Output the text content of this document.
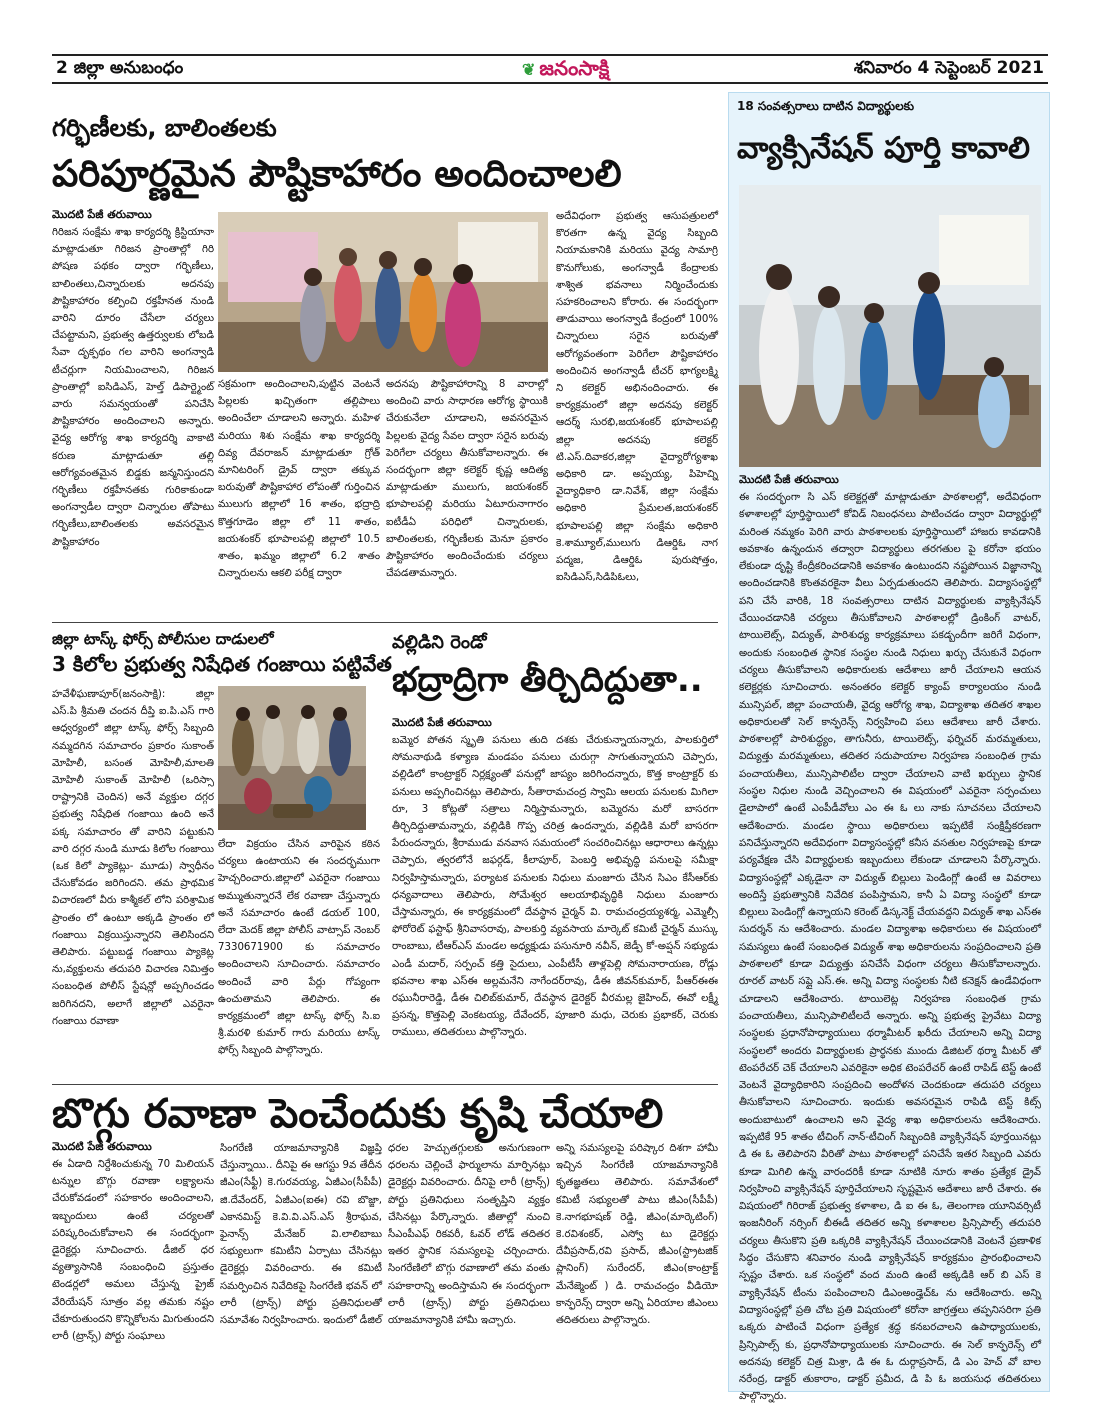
2 జిల్లా అనుబంధం	❦ జనంసాక్షి	శనివారం 4 సెప్టెంబర్ 2021
గర్భిణీలకు, బాలింతలకు
పరిపూర్ణమైన పౌష్టికాహారం అందించాలలి
మొదటి పేజీ తరువాయి
గిరిజన సంక్షేమ శాఖ కార్యదర్శి క్రిస్టియానా మాట్లాడుతూ గిరిజన ప్రాంతాల్లో గిరి పోషణ పథకం ద్వారా గర్భిణీలు, బాలింతలు,చిన్నారులకు అదనపు పౌష్టికాహారం కల్పించి రక్తహీనత నుండి వారిని దూరం చేసేలా చర్యలు చేపట్టామని, ప్రభుత్వ ఉత్తర్వులకు లోబడి సేవా దృక్పథం గల వారిని అంగన్వాడి టీచర్లుగా నియమించాలని, గిరిజన ప్రాంతాల్లో ఐసిడిఎస్, హెల్త్ డిపార్ట్మెంట్ వారు సమన్వయంతో పనిచేసి పౌష్టికాహారం అందించాలని అన్నారు. వైద్య ఆరోగ్య శాఖ కార్యదర్శి వాకాటి కరుణ మాట్లాడుతూ తల్లి ఆరోగ్యవంతమైన బిడ్డకు జన్మనిస్తుందని గర్భిణీలు రక్తహీనతకు గురికాకుండా అంగన్వాడీల ద్వారా చిన్నారుల తోపాటు గర్భిణీలు,బాలింతలకు అవసరమైన పౌష్టికాహారం
సక్రమంగా అందించాలని,పుట్టిన వెంటనే పిల్లలకు ఖచ్చితంగా తల్లిపాలు అందించేలా చూడాలని అన్నారు. మహిళ మరియు శిశు సంక్షేమ శాఖ కార్యదర్శి దివ్య దేవరాజన్ మాట్లాడుతూ గ్రోత్ మానిటరింగ్ డ్రైవ్ ద్వారా తక్కువ బరువుతో పౌష్టికాహార లోపంతో గుర్తించిన ములుగు జిల్లాలో 16 శాతం, భద్రాద్రి కొత్తగూడెం జిల్లా లో 11 శాతం, జయశంకర్ భూపాలపల్లి జిల్లాలో 10.5 శాతం, ఖమ్మం జిల్లాలో 6.2 శాతం చిన్నారులను ఆకలి పరీక్ష ద్వారా
అదనపు పౌష్టికాహారాన్ని 8 వారాల్లో అందించి వారు సాధారణ ఆరోగ్య స్థాయికి చేరుకునేలా చూడాలని, అవసరమైన పిల్లలకు వైద్య సేవల ద్వారా సరైన బరువు పెరిగేలా చర్యలు తీసుకోవాలన్నారు. ఈ సందర్భంగా జిల్లా కలెక్టర్ కృష్ణ ఆదిత్య మాట్లాడుతూ ములుగు, జయశంకర్ భూపాలపల్లి మరియు ఏటూరునాగారం ఐటీడీఏ పరిధిలో చిన్నారులకు, బాలింతలకు, గర్భిణీలకు మెనూ ప్రకారం పౌష్టికాహారం అందించేందుకు చర్యలు చేపడతామన్నారు.
అదేవిధంగా ప్రభుత్వ ఆసుపత్రులలో కొరతగా ఉన్న వైద్య సిబ్బంది నియామకానికి మరియు వైద్య సామాగ్రి కొనుగోలుకు, అంగన్వాడీ కేంద్రాలకు శాశ్విత భవనాలు నిర్మించేందుకు సహకరించాలని కోరారు. ఈ సందర్భంగా తాడువాయి అంగన్వాడి కేంద్రంలో 100% చిన్నారులు సరైన బరువుతో ఆరోగ్యవంతంగా పెరిగేలా పౌష్టికాహారం అందించిన అంగన్వాడీ టీచర్ భాగ్యలక్ష్మి ని కలెక్టర్ అభినందించారు. ఈ కార్యక్రమంలో జిల్లా అదనపు కలెక్టర్ ఆదర్శ్ సురభి,జయశంకర్ భూపాలపల్లి జిల్లా అదనపు కలెక్టర్ టి.ఎస్.దివాకర,జిల్లా వైద్యారోగ్యశాఖ అధికారి డా. అప్పయ్య, పిహెచ్ని వైద్యాధికారి డా.నివేశ్, జిల్లా సంక్షేమ అధికారి ప్రేమలత,జయశంకర్ భూపాలపల్లి జిల్లా సంక్షేమ అధికారి కె.శామ్యూల్,ములుగు డిఆర్డిఓ నాగ పద్మజ, డిఆర్డిఓ పురుషోత్తం, ఐసిడిఎస్,సిడిపిఓలు,
జిల్లా టాస్క్ ఫోర్స్ పోలీసుల దాడులలో
3 కిలోల ప్రభుత్వ నిషేధిత గంజాయి పట్టివేత
హవేళీఘణాపూర్(జనంసాక్షి): జిల్లా ఎస్.పి శ్రీమతి చందన దీప్తి ఐ.పి.ఎస్ గారి ఆధ్వర్యంలో జిల్లా టాస్క్ ఫోర్స్ సిబ్బంది నమ్మదగిన సమాచారం ప్రకారం సుకాంత్ మోహిలీ, బసంత మోహిలీ,మాలతి మోహిలీ సుకాంత్ మోహిలీ (ఒరిస్సా రాష్ట్రానికి చెందిన) అనే వ్యక్తుల దగ్గర ప్రభుత్వ నిషేధిత గంజాయి ఉంది అనే పక్క సమాచారం తో వారిని పట్టుకుని వారి దగ్గర నుండి మూడు కిలోల గంజాయి (ఒక కిలో ప్యాకెట్లు- మూడు) స్వాధీనం చేసుకోవడం జరిగిందని. తమ ప్రాథమిక విచారణలో వీరు కాశ్మీకల్ లోని పరిశ్రామిక ప్రాంతం లో ఉంటూ అక్కడి ప్రాంతం లో గంజాయి విక్రయిస్తున్నారని తెలిసిందని తెలిపారు. పట్టుబడ్డ గంజాయి ప్యాకెట్ల ను,వ్యక్తులను తదుపరి విచారణ నిమిత్తం సంబంధిత పోలీస్ స్టేషన్లో అప్పగించడం జరిగినదని, అలాగే జిల్లాలో ఎవరైనా గంజాయి రవాణా
లేదా విక్రయం చేసిన వారిపైన కఠిన చర్యలు ఉంటాయని ఈ సందర్భముగా హెచ్చరించారు.జిల్లాలో ఎవరైనా గంజాయి అమ్ముతున్నారనే లేక రవాణా చేస్తున్నారు అనే సమాచారం ఉంటే డయల్ 100, లేదా మెదక్ జిల్లా పోలీస్ వాట్సాప్ నెంబర్ 7330671900 కు సమాచారం అందించాలని సూచించారు. సమాచారం అందించే వారి పేర్లు గోప్యంగా ఉంచుతామని తెలిపారు. ఈ కార్యక్రమంలో జిల్లా టాస్క్ ఫోర్స్ సి.ఐ శ్రీ.మరళి కుమార్ గారు మరియు టాస్క్ ఫోర్స్ సిబ్బంది పాల్గొన్నారు.
వల్లిడిని రెండో
భద్రాద్రిగా తీర్చిదిద్దుతా..
మొదటి పేజీ తరువాయి
బమ్మెర పోతన స్మృతి పనులు తుది దశకు చేరుకున్నాయన్నారు, పాలకుర్తిలో సోమనాథుడి కళ్యాణ మండపం పనులు చురుగ్గా సాగుతున్నాయని చెప్పారు, వల్లిడిలో కాంట్రాక్టర్ నిర్లక్ష్యంతో పనుల్లో జాప్యం జరిగిందన్నారు, కొత్త కాంట్రాక్టర్ కు పనులు అప్పగించినట్లు తెలిపారు, సీతారామచంద్ర స్వామి ఆలయ పనులకు మిగిలా రూ, 3 కోట్లతో సత్రాలు నిర్మిస్తామన్నారు, బమ్మెరను మరో బాసరగా తీర్చిదిద్దుతామన్నారు, వల్లిడికి గొప్ప చరిత్ర ఉందన్నారు, వల్లిడికి మరో బాసరగా పేరుందన్నారు, శ్రీరాముడు వనవాస సమయంలో సంచరించినట్లు ఆధారాలు ఉన్నట్లు చెప్పారు, త్వరలోనే జఫర్గడ్, కీలాపూర్, పెంబర్తి అభివృద్ధి పనులపై సమీక్షా నిర్వహిస్తామన్నారు, పర్యాటక పనులకు నిధులు మంజూరు చేసిన సిఎం కేసీఆర్‌కు ధన్యవాదాలు తెలిపారు, సోమేశ్వర ఆలయాభివృద్ధికి నిధులు మంజూరు చేస్తామన్నారు, ఈ కార్యక్రమంలో దేవస్థాన చైర్మన్ వి. రామచంద్రయ్యశర్మ, ఎమ్మెల్సీ ఫోరోరెట్ ఫస్టాఫ్ శ్రీనివాసరావు, పాలకుర్తి వ్యవసాయ మార్కెట్ కమిటీ చైర్మన్ ముస్కు రాంబాబు, టీఆర్ఎస్ మండల అధ్యక్షుడు పసునూరి నవీన్, జెడ్పీ కో-అప్షన్ సభ్యుడు ఎండీ మదార్, సర్పంచ్ కత్తి సైదులు, ఎంపీటీసీ తాళ్లపెల్లి సోమనారాయణ, రోడ్లు భవనాల శాఖ ఎస్ఈ అల్లమనేని నాగేందర్‌రావు, డీఈ జీవన్‌కుమార్, పీఆర్ఈఈ రఘునీరారెడ్డి, డీఈ చిలిబ్‌కుమార్, దేవస్థాన డైరెక్టర్ వీరమల్ల జైహింద్, ఈవో లక్ష్మీ ప్రసన్న, కొత్తపెల్లి వెంకటయ్య, దేవేందర్, పూజారి మధు, చెరుకు ప్రభాకర్, చెరుకు రాములు, తదితరులు పాల్గొన్నారు.
బొగ్గు రవాణా పెంచేందుకు కృషి చేయాలి
మొదటి పేజీ తరువాయి
ఈ ఏడాది నిర్దేశించుకున్న 70 మిలియన్ టన్నుల బొగ్గు రవాణా లక్ష్యాలను చేరుకోవడంలో సహకారం అందించాలని, ఇబ్బందులు ఉంటే చర్యలతో పరిష్కరించుకోవాలని ఈ సందర్భంగా డైరెక్టర్లు సూచించారు. డీజిల్ ధర వ్యత్యాసానికి సంబంధించి ప్రస్తుతం టెండర్లలో అమలు చేస్తున్న ప్రైజ్ వేరియేషన్ సూత్రం వల్ల తమకు నష్టం చేకూరుతుందని కొన్నికోలను మిగుతుందని లారీ (ట్రాన్స్) పోర్టు సంఘాలు
సింగరేణి యాజమాన్యానికి విజ్ఞప్తి చేస్తున్నాయి.. దీనిపై ఈ ఆగస్టు 9వ తేదీన జీఎం(సేఫ్టీ) కె.గురవయ్య, ఏజీఎం(సీపీపీ) జి.దేవేందర్, ఏజీఎం(ఐఈ) రవి బొజ్జా, ఎకానమిస్ట్ కె.వి.వి.ఎస్.ఎస్ శ్రీరాఘవ, ఫైనాన్స్ మేనేజర్ వి.లాలిబాబు సభ్యులుగా కమిటీని ఏర్పాటు చేసినట్లు డైరెక్టర్లు వివరించారు. ఈ కమిటీ సమర్పించిన నివేదికపై సింగరేణి భవన్ లో లారీ (ట్రాన్స్) పోర్టు ప్రతినిధులతో సమావేశం నిర్వహించారు. ఇందులో డీజిల్
ధరల హెచ్చుతగ్గులకు అనుగుణంగా ధరలను చెల్లించే ఫార్ములాను మార్పినట్లు డైరెక్టర్లు వివరించారు. దీనిపై లారీ (ట్రాన్స్) పోర్టు ప్రతినిధులు సంతృప్తిని వ్యక్తం చేసినట్లు పేర్కొన్నారు. జీతాల్లో నుంచి సీఎంపీఎఫ్ రికవరీ, ఓవర్ లోడ్ తదితర ఇతర స్థానిక సమస్యలపై చర్చించారు. సింగరేణిలో బొగ్గు రవాణాలో తమ వంతు సహకారాన్ని అందిస్తామని ఈ సందర్భంగా లారీ (ట్రాన్స్) పోర్టు ప్రతినిధులు యాజమాన్యానికి హామీ ఇచ్చారు.
అన్ని సమస్యలపై పరిష్కార దిశగా హామీ ఇచ్చిన సింగరేణి యాజమాన్యానికి కృతజ్ఞతలు తెలిపారు. సమావేశంలో కమిటీ సభ్యులతో పాటు జీఎం(సీపీపీ) కె.నాగభూషణ్ రెడ్డి, జీఎం(మార్కెటింగ్) కె.రవిశంకర్, ఎస్వో టు డైరెక్టర్లు దేవీప్రసాద్,రవి ప్రసాద్, జీఎం(స్ట్రాటజిక్ ప్లానింగ్) సురేందర్, జీఎం(కాంట్రాక్ట్ మేనేజ్మెంట్ ) డి. రామచంద్రం వీడియో కాన్ఫరెన్స్ ద్వారా అన్ని ఏరియాల జీఎంలు తదితరులు పాల్గొన్నారు.
18 సంవత్సరాలు దాటిన విద్యార్థులకు
వ్యాక్సినేషన్ పూర్తి కావాలి
మొదటి పేజీ తరువాయి
ఈ సందర్భంగా సి ఎస్ కలెక్టర్లతో మాట్లాడుతూ పాఠశాలల్లో, అదేవిధంగా కళాశాలల్లో పూర్తిస్థాయిలో కోవిడ్ నిబంధనలు పాటించడం ద్వారా విద్యార్థుల్లో మరింత నమ్మకం పెరిగి వారు పాఠశాలలకు పూర్తిస్థాయిలో హాజరు కావడానికి అవకాశం ఉన్నందున తద్వారా విద్యార్థులు తరగతుల పై కరోనా భయం లేకుండా దృష్టి కేంద్రీకరించడానికి అవకాశం ఉంటుందని నష్టపోయిన విజ్ఞానాన్ని అందించడానికి కొంతవరకైనా వీలు ఏర్పడుతుందని తెలిపారు. విద్యాసంస్థల్లో పని చేసే వారికి, 18 సంవత్సరాలు దాటిన విద్యార్థులకు వ్యాక్సినేషన్ చేయించడానికి చర్యలు తీసుకోవాలని పాఠశాలల్లో డ్రింకింగ్ వాటర్, టాయిలెట్స్, విద్యుత్, పారిశుధ్య కార్యక్రమాలు పకడ్బందీగా జరిగే విధంగా, అందుకు సంబంధిత స్థానిక సంస్థల నుండి నిధులు ఖర్చు చేసుకునే విధంగా చర్యలు తీసుకోవాలని అధికారులకు ఆదేశాలు జారీ చేయాలని ఆయన కలెక్టర్లకు సూచించారు. అనంతరం కలెక్టర్ క్యాంప్ కార్యాలయం నుండి మున్సిపల్, జిల్లా పంచాయతీ, వైద్య ఆరోగ్య శాఖ, విద్యాశాఖ తదితర శాఖల అధికారులతో సెల్ కాన్ఫరెన్స్ నిర్వహించి పలు ఆదేశాలు జారీ చేశారు. పాఠశాలల్లో పారిశుద్ధ్యం, తాగునీరు, టాయిలెట్స్, ఫర్నిచర్ మరమ్మతులు, విద్యుత్తు మరమ్మతులు, తదితర సదుపాయాల నిర్వహణ సంబంధిత గ్రామ పంచాయతీలు, మున్సిపాలిటీల ద్వారా చేయాలని వాటి ఖర్చులు స్థానిక సంస్థల నిధుల నుండి వెచ్చించాలని ఈ విషయంలో ఎవరైనా సర్పంచులు డైలాపాలో ఉంటే ఎంపీడీవోలు ఎం ఈ ఓ లు నాకు సూచనలు చేయాలని ఆదేశించారు. మండల స్థాయి అధికారులు ఇప్పటికే సంక్షిప్తీకరణగా పనిచేస్తున్నారని అదేవిధంగా విద్యాసంస్థల్లో కనీస వసతుల నిర్వహణపై కూడా పర్యవేక్షణ చేసి విద్యార్థులకు ఇబ్బందులు లేకుండా చూడాలని పేర్కొన్నారు. విద్యాసంస్థల్లో ఎక్కడైనా నా విద్యుత్ బిల్లులు పెండింగ్లో ఉంటే ఆ వివరాలు అందిస్తే ప్రభుత్వానికి నివేదిక పంపిస్తామని, కానీ ఏ విద్యా సంస్థలో కూడా బిల్లులు పెండింగ్లో ఉన్నాయని కరెంట్ డిస్కనెక్ట్ చేయవద్దని విద్యుత్ శాఖ ఎస్ఈ సుదర్శన్ ను ఆదేశించారు. మండల విద్యాశాఖ అధికారులు ఈ విషయంలో సమస్యలు ఉంటే సంబంధిత విద్యుత్ శాఖ అధికారులను సంప్రదించాలని ప్రతి పాఠశాలలో కూడా విద్యుత్తు పనిచేసే విధంగా చర్యలు తీసుకోవాలన్నారు. రూరల్ వాటర్ సప్లై ఎస్.ఈ. అన్ని విద్యా సంస్థలకు నీటి కనెక్షన్ ఉండేవిధంగా చూడాలని ఆదేశించారు. టాయిలెట్ల నిర్వహణ సంబంధిత గ్రామ పంచాయతీలు, మున్సిపాలిటీలదే అన్నారు. అన్ని ప్రభుత్వ ప్రైవేటు విద్యా సంస్థలకు ప్రధానోపాధ్యాయులు థర్మామీటర్ ఖరీదు చేయాలని అన్ని విద్యా సంస్థలలో అందరు విద్యార్థులకు ప్రార్థనకు ముందు డిజిటల్ థర్మా మీటర్ తో టెంపరేచర్ చెక్ చేయాలని ఎవరికైనా అధిక టెంపరేచర్ ఉంటే రాపిడ్ టెస్ట్ ఉంటే వెంటనే వైద్యాధికారిని సంప్రదించి అందోళన చెందకుండా తదుపరి చర్యలు తీసుకోవాలని సూచించారు. ఇందుకు అవసరమైన రాపిడి టెస్ట్ కిట్స్ అందుబాటులో ఉంచాలని అని వైద్య శాఖ అధికారులను ఆదేశించారు. ఇప్పటికే 95 శాతం టీచింగ్ నాన్-టీచింగ్ సిబ్బందికి వ్యాక్సినేషన్ పూర్తయినట్లు డి ఈ ఓ తెలిపారని వీరితో పాటు పాఠశాలల్లో పనిచేసే ఇతర సిబ్బంది ఎవరు కూడా మిగిలి ఉన్న వారందరికీ కూడా నూటికి నూరు శాతం ప్రత్యేక డ్రైవ్ నిర్వహించి వ్యాక్సినేషన్ పూర్తిచేయాలని సృష్టమైన ఆదేశాలు జారీ చేశారు. ఈ విషయంలో గిరిరాజ్ ప్రభుత్వ కళాశాల, డి ఐ ఈ ఓ, తెలంగాణ యూనివర్సిటీ ఇంజనీరింగ్ నర్సింగ్ బీఈడీ తదితర అన్ని కళాశాలల ప్రిన్సిపాల్స్ తదుపరి చర్యలు తీసుకొని ప్రతి ఒక్కరికి వ్యాక్సినేషన్ చేయించడానికి వెంటనే ప్రణాళిక సిద్ధం చేసుకొని శనివారం నుండి వ్యాక్సినేషన్ కార్యక్రమం ప్రారంభించాలని స్పష్టం చేశారు. ఒక సంస్థలో వంద మంది ఉంటే అక్కడికి ఆర్ బి ఎస్ కె వ్యాక్సినేషన్ టీంను పంపించాలని డిఎంఅండ్హెచ్ఓ ను ఆదేశించారు. అన్ని విద్యాసంస్థల్లో ప్రతి చోట ప్రతి విషయంలో కరోనా జాగ్రత్తలు తప్పనిసరిగా ప్రతి ఒక్కరు పాటించే విధంగా ప్రత్యేక శ్రద్ధ కనబరచాలని ఉపాధ్యాయులకు, ప్రిన్సిపాల్స్ కు, ప్రధానోపాధ్యాయులకు సూచించారు. ఈ సెల్ కాన్ఫరెన్స్ లో అదనపు కలెక్టర్ చిత్ర మిశ్రా, డి ఈ ఓ దుర్గాప్రసాద్, డి ఎం హెచ్ వో బాల నరేంద్ర, డాక్టర్ తుకారాం, డాక్టర్ ప్రమీద, డి పి ఓ జయసుధ తదితరులు పాల్గొన్నారు.
